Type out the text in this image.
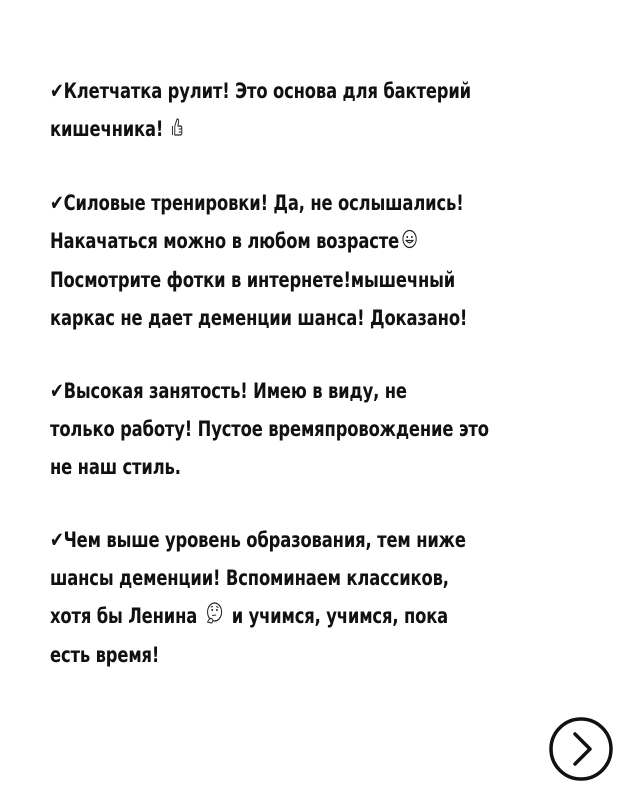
✔Клетчатка рулит! Это основа для бактерий
кишечника!
✔Силовые тренировки! Да, не ослышались!
Накачаться можно в любом возрасте
Посмотрите фотки в интернете!мышечный
каркас не дает деменции шанса! Доказано!
✔Высокая занятость! Имею в виду, не
только работу! Пустое времяпровождение это
не наш стиль.
✔Чем выше уровень образования, тем ниже
шансы деменции! Вспоминаем классиков,
хотя бы Ленина и учимся, учимся, пока
есть время!
